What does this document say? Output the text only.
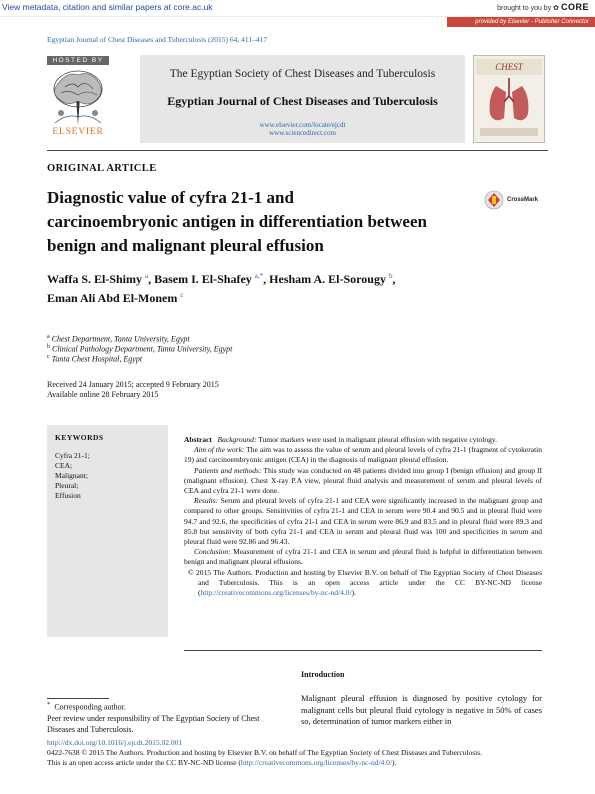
View metadata, citation and similar papers at core.ac.uk	brought to you by ✿ CORE
provided by Elsevier - Publisher Connector
Egyptian Journal of Chest Diseases and Tuberculosis (2015) 64, 411–417
HOSTED BY
ELSEVIER
The Egyptian Society of Chest Diseases and Tuberculosis
Egyptian Journal of Chest Diseases and Tuberculosis
www.elsevier.com/locate/ejcdt
www.sciencedirect.com
CHEST
ORIGINAL ARTICLE
Diagnostic value of cyfra 21-1 and
carcinoembryonic antigen in differentiation between
benign and malignant pleural effusion
CrossMark
Waffa S. El-Shimy $^a$, Basem I. El-Shafey $^{a,*}$, Hesham A. El-Sorougy $^b$,
Eman Ali Abd El-Monem $^c$
$^a$ Chest Department, Tanta University, Egypt
$^b$ Clinical Pathology Department, Tanta University, Egypt
$^c$ Tanta Chest Hospital, Egypt
Received 24 January 2015; accepted 9 February 2015
Available online 28 February 2015
KEYWORDS
Cyfra 21-1;
CEA;
Malignant;
Pleural;
Effusion

Abstract Background: Tumor markers were used in malignant pleural effusion with negative cytology.

Aim of the work: The aim was to assess the value of serum and pleural levels of cyfra 21-1 (fragment of cytokeratin 19) and carcinoembryonic antigen (CEA) in the diagnosis of malignant pleural effusion.

Patients and methods: This study was conducted on 48 patients divided into group I (benign effusion) and group II (malignant effusion). Chest X-ray P.A view, pleural fluid analysis and measurement of serum and pleural levels of CEA and cyfra 21-1 were done.

Results: Serum and pleural levels of cyfra 21-1 and CEA were significantly increased in the malignant group and compared to other groups. Sensitivities of cyfra 21-1 and CEA in serum were 90.4 and 90.5 and in pleural fluid were 94.7 and 92.6, the specificities of cyfra 21-1 and CEA in serum were 86.9 and 83.5 and in pleural fluid were 89.3 and 85.8 but sensitivity of both cyfra 21-1 and CEA in serum and pleural fluid was 100 and specificities in serum and pleural fluid were 92.86 and 96.43.

Conclusion: Measurement of cyfra 21-1 and CEA in serum and pleural fluid is helpful in differentiation between benign and malignant pleural effusions.

© 2015 The Authors. Production and hosting by Elsevier B.V. on behalf of The Egyptian Society of Chest Diseases and Tuberculosis. This is an open access article under the CC BY-NC-ND license (http://creativecommons.org/licenses/by-nc-nd/4.0/).

Introduction
Malignant pleural effusion is diagnosed by positive cytology for malignant cells but pleural fluid cytology is negative in 50% of cases so, determination of tumor markers either in
* Corresponding author.
Peer review under responsibility of The Egyptian Society of Chest Diseases and Tuberculosis.
http://dx.doi.org/10.1016/j.ejcdt.2015.02.001
0422-7638 © 2015 The Authors. Production and hosting by Elsevier B.V. on behalf of The Egyptian Society of Chest Diseases and Tuberculosis.
This is an open access article under the CC BY-NC-ND license (http://creativecommons.org/licenses/by-nc-nd/4.0/).
